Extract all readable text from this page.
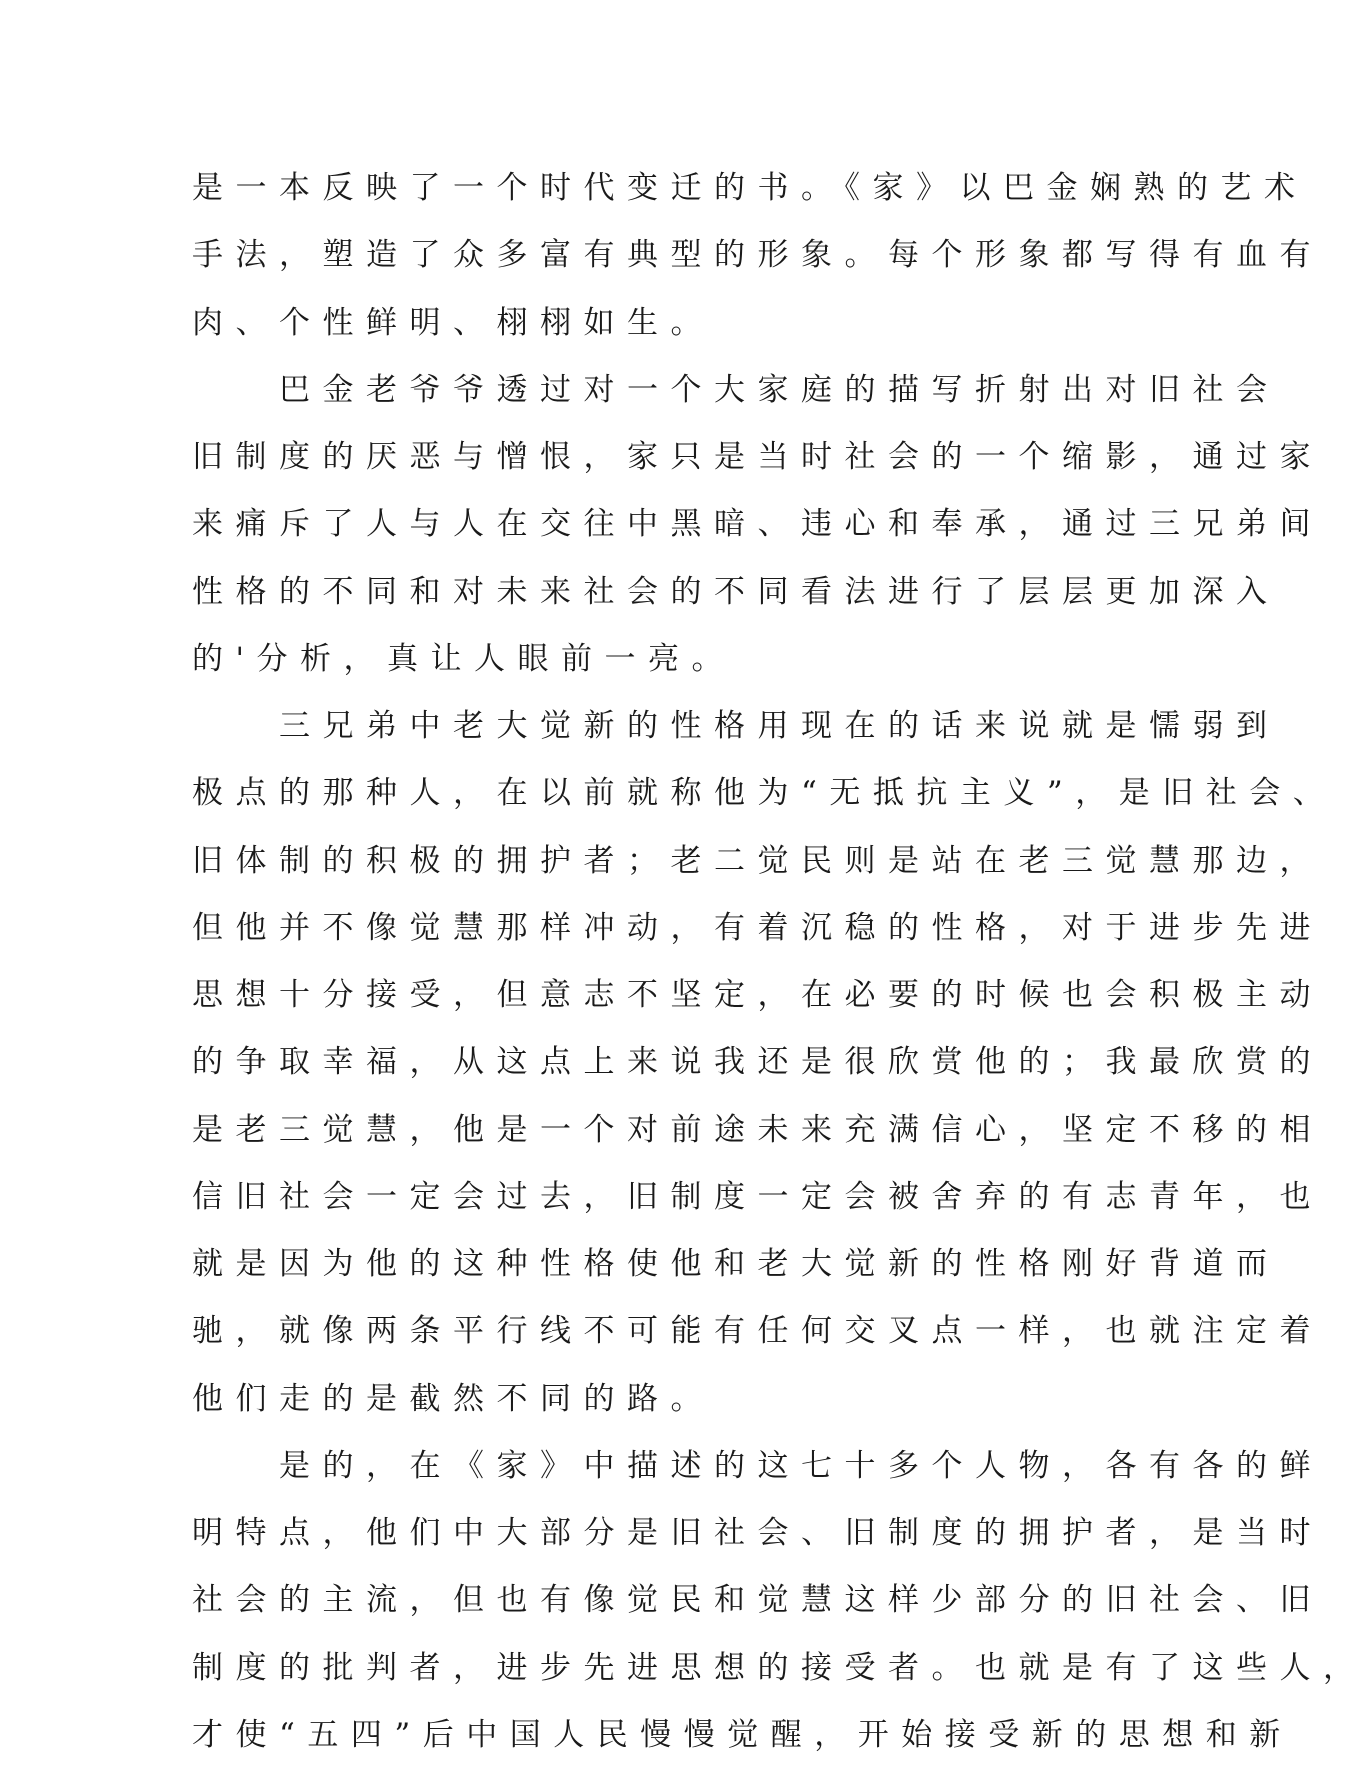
是一本反映了一个时代变迁的书。《家》以巴金娴熟的艺术
手法，塑造了众多富有典型的形象。每个形象都写得有血有
肉、个性鲜明、栩栩如生。
　　巴金老爷爷透过对一个大家庭的描写折射出对旧社会
旧制度的厌恶与憎恨，家只是当时社会的一个缩影，通过家
来痛斥了人与人在交往中黑暗、违心和奉承，通过三兄弟间
性格的不同和对未来社会的不同看法进行了层层更加深入
的'分析，真让人眼前一亮。
　　三兄弟中老大觉新的性格用现在的话来说就是懦弱到
极点的那种人，在以前就称他为“无抵抗主义”，是旧社会、
旧体制的积极的拥护者；老二觉民则是站在老三觉慧那边，
但他并不像觉慧那样冲动，有着沉稳的性格，对于进步先进
思想十分接受，但意志不坚定，在必要的时候也会积极主动
的争取幸福，从这点上来说我还是很欣赏他的；我最欣赏的
是老三觉慧，他是一个对前途未来充满信心，坚定不移的相
信旧社会一定会过去，旧制度一定会被舍弃的有志青年，也
就是因为他的这种性格使他和老大觉新的性格刚好背道而
驰，就像两条平行线不可能有任何交叉点一样，也就注定着
他们走的是截然不同的路。
　　是的，在《家》中描述的这七十多个人物，各有各的鲜
明特点，他们中大部分是旧社会、旧制度的拥护者，是当时
社会的主流，但也有像觉民和觉慧这样少部分的旧社会、旧
制度的批判者，进步先进思想的接受者。也就是有了这些人，
才使“五四”后中国人民慢慢觉醒，开始接受新的思想和新
